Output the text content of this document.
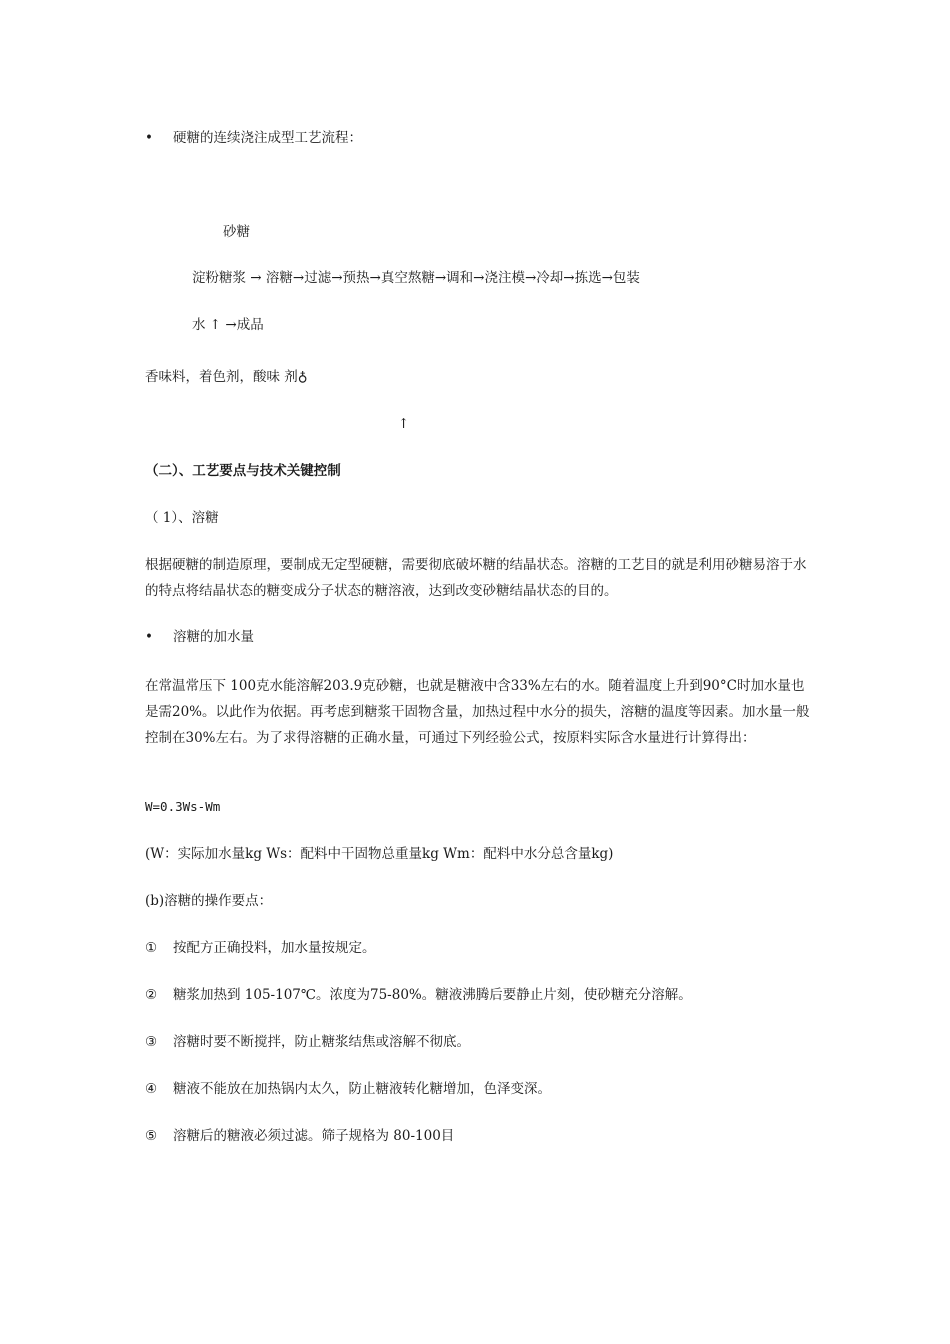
• 硬糖的连续浇注成型工艺流程：
砂糖
淀粉糖浆 → 溶糖→过滤→预热→真空熬糖→调和→浇注模→冷却→拣选→包装
水 ↑ →成品
香味料，着色剂，酸味 剂♁
↑
（二）、工艺要点与技术关键控制
（ 1）、溶糖
根据硬糖的制造原理，要制成无定型硬糖，需要彻底破坏糖的结晶状态。溶糖的工艺目的就是利用砂糖易溶于水的特点将结晶状态的糖变成分子状态的糖溶液，达到改变砂糖结晶状态的目的。
• 溶糖的加水量
在常温常压下 100克水能溶解203.9克砂糖，也就是糖液中含33%左右的水。随着温度上升到90°C时加水量也是需20%。以此作为依据。再考虑到糖浆干固物含量，加热过程中水分的损失，溶糖的温度等因素。加水量一般控制在30%左右。为了求得溶糖的正确水量，可通过下列经验公式，按原料实际含水量进行计算得出：
W=0.3Ws-Wm
(W：实际加水量kg Ws：配料中干固物总重量kg Wm：配料中水分总含量kg)
(b)溶糖的操作要点：
① 按配方正确投料，加水量按规定。
② 糖浆加热到 105-107℃。浓度为75-80%。糖液沸腾后要静止片刻，使砂糖充分溶解。
③ 溶糖时要不断搅拌，防止糖浆结焦或溶解不彻底。
④ 糖液不能放在加热锅内太久，防止糖液转化糖增加，色泽变深。
⑤ 溶糖后的糖液必须过滤。筛子规格为 80-100目
